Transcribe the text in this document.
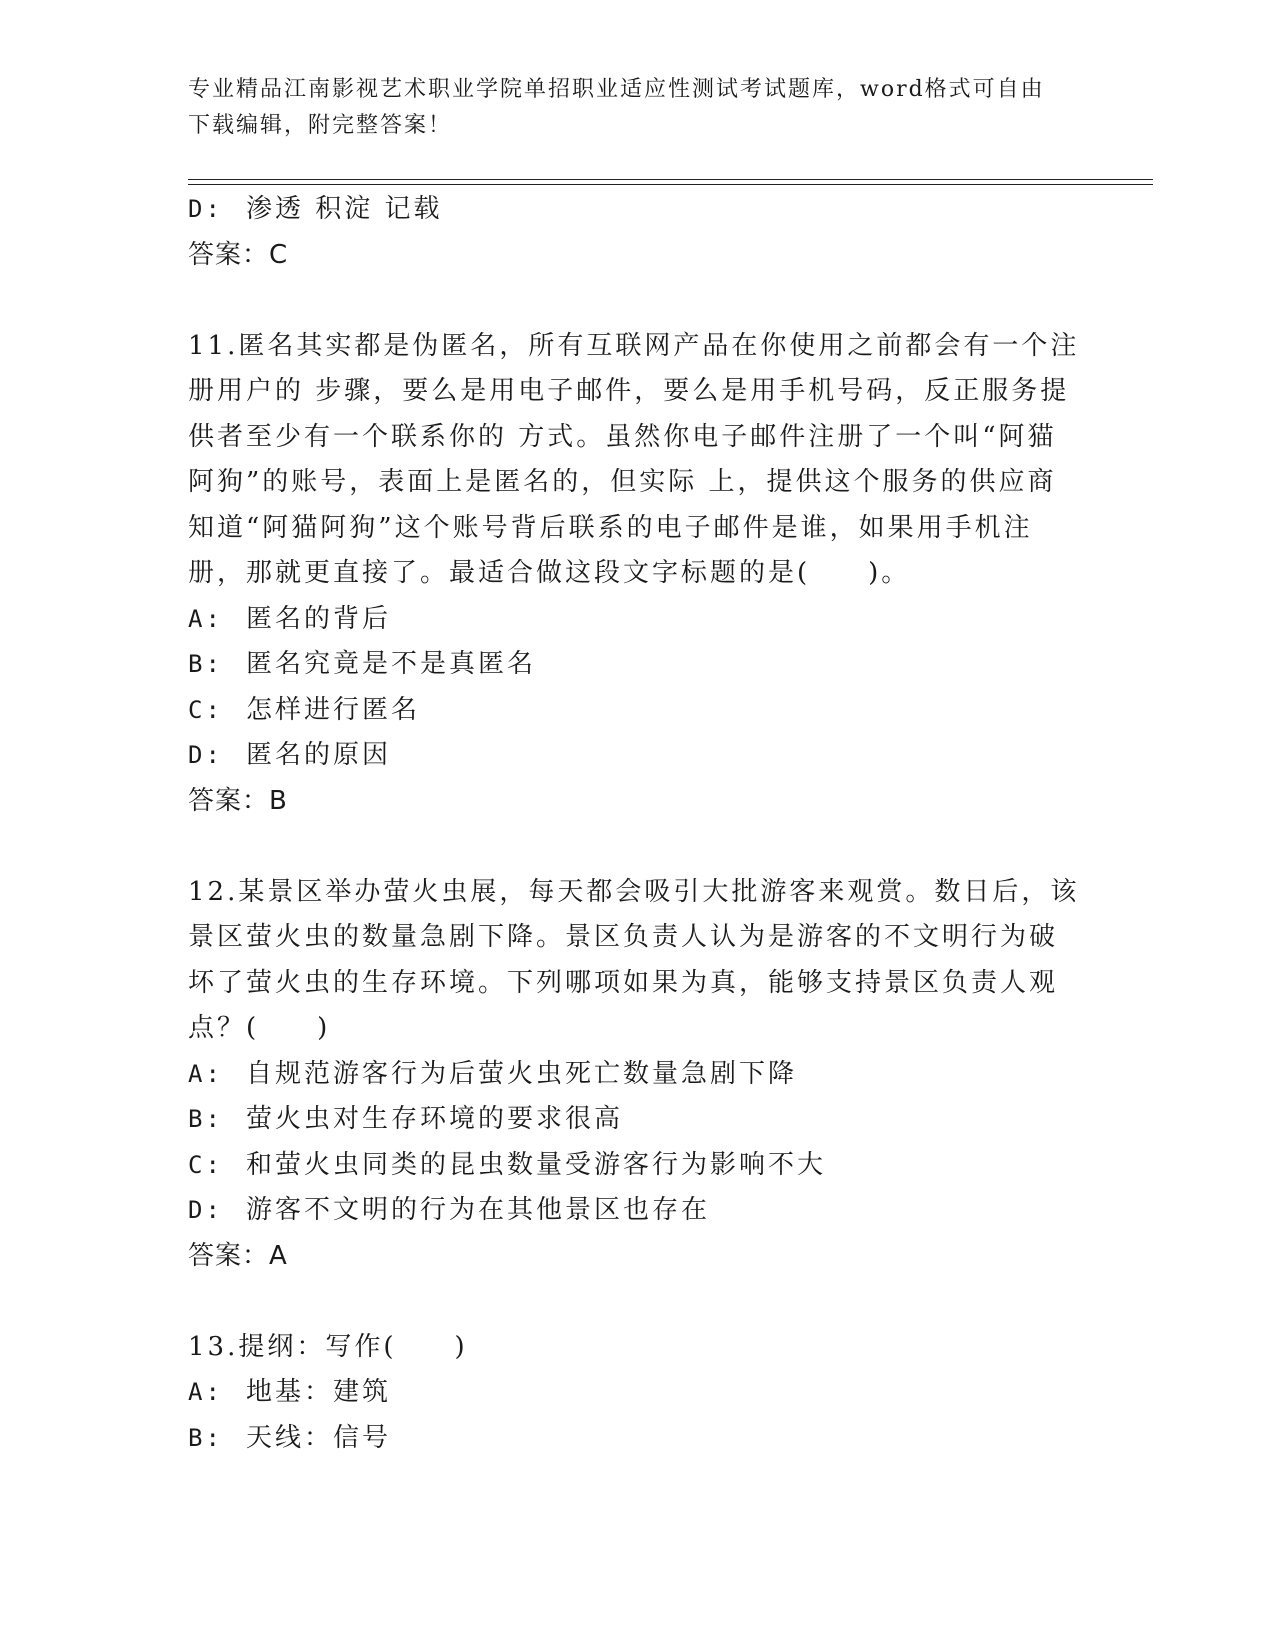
专业精品江南影视艺术职业学院单招职业适应性测试考试题库，word格式可自由
下载编辑，附完整答案！
D: 渗透 积淀 记载
答案：C
11.匿名其实都是伪匿名，所有互联网产品在你使用之前都会有一个注
册用户的 步骤，要么是用电子邮件，要么是用手机号码，反正服务提
供者至少有一个联系你的 方式。虽然你电子邮件注册了一个叫“阿猫
阿狗”的账号，表面上是匿名的，但实际 上，提供这个服务的供应商
知道“阿猫阿狗”这个账号背后联系的电子邮件是谁，如果用手机注
册，那就更直接了。最适合做这段文字标题的是(　　)。
A: 匿名的背后
B: 匿名究竟是不是真匿名
C: 怎样进行匿名
D: 匿名的原因
答案：B
12.某景区举办萤火虫展，每天都会吸引大批游客来观赏。数日后，该
景区萤火虫的数量急剧下降。景区负责人认为是游客的不文明行为破
坏了萤火虫的生存环境。下列哪项如果为真，能够支持景区负责人观
点？(　　)
A: 自规范游客行为后萤火虫死亡数量急剧下降
B: 萤火虫对生存环境的要求很高
C: 和萤火虫同类的昆虫数量受游客行为影响不大
D: 游客不文明的行为在其他景区也存在
答案：A
13.提纲：写作(　　)
A: 地基：建筑
B: 天线：信号
